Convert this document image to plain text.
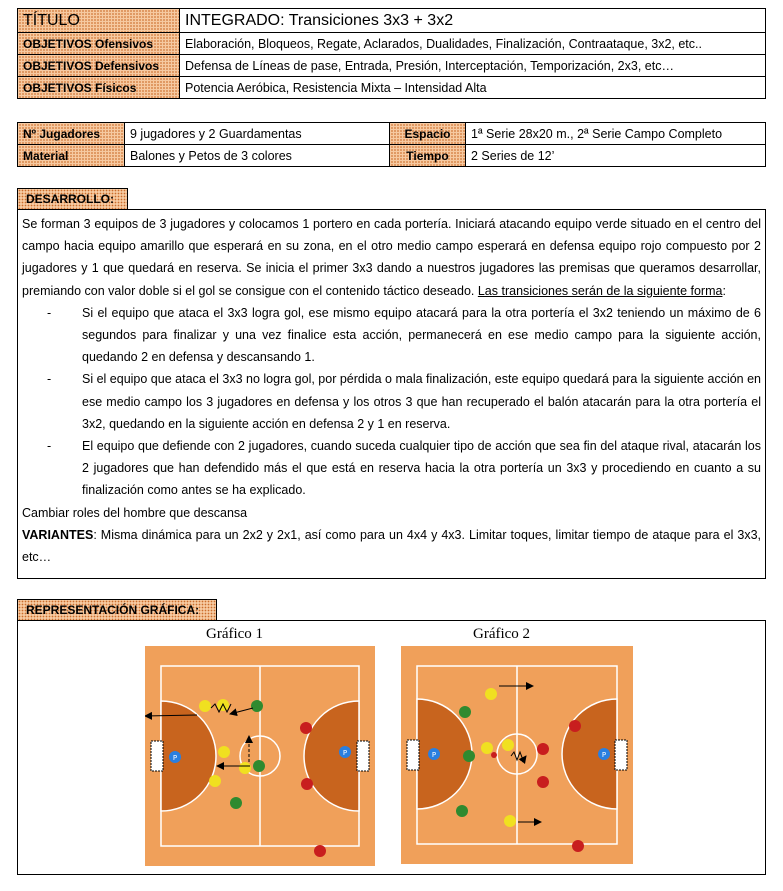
TÍTULO	INTEGRADO: Transiciones 3x3 + 3x2
OBJETIVOS Ofensivos	Elaboración, Bloqueos, Regate, Aclarados, Dualidades, Finalización, Contraataque, 3x2, etc..
OBJETIVOS Defensivos	Defensa de Líneas de pase, Entrada, Presión, Interceptación, Temporización, 2x3, etc…
OBJETIVOS Físicos	Potencia Aeróbica, Resistencia Mixta – Intensidad Alta
Nº Jugadores	9 jugadores y 2 Guardamentas	Espacio	1ª Serie 28x20 m., 2ª Serie Campo Completo
Material	Balones y Petos de 3 colores	Tiempo	2 Series de 12’
DESARROLLO:

Se forman 3 equipos de 3 jugadores y colocamos 1 portero en cada portería. Iniciará atacando equipo verde situado en el centro del campo hacia equipo amarillo que esperará en su zona, en el otro medio campo esperará en defensa equipo rojo compuesto por 2 jugadores y 1 que quedará en reserva. Se inicia el primer 3x3 dando a nuestros jugadores las premisas que queramos desarrollar, premiando con valor doble si el gol se consigue con el contenido táctico deseado. Las transiciones serán de la siguiente forma:

- Si el equipo que ataca el 3x3 logra gol, ese mismo equipo atacará para la otra portería el 3x2 teniendo un máximo de 6 segundos para finalizar y una vez finalice esta acción, permanecerá en ese medio campo para la siguiente acción, quedando 2 en defensa y descansando 1.
- Si el equipo que ataca el 3x3 no logra gol, por pérdida o mala finalización, este equipo quedará para la siguiente acción en ese medio campo los 3 jugadores en defensa y los otros 3 que han recuperado el balón atacarán para la otra portería el 3x2, quedando en la siguiente acción en defensa 2 y 1 en reserva.
- El equipo que defiende con 2 jugadores, cuando suceda cualquier tipo de acción que sea fin del ataque rival, atacarán los 2 jugadores que han defendido más el que está en reserva hacia la otra portería un 3x3 y procediendo en cuanto a su finalización como antes se ha explicado.

Cambiar roles del hombre que descansa

VARIANTES: Misma dinámica para un 2x2 y 2x1, así como para un 4x4 y 4x3. Limitar toques, limitar tiempo de ataque para el 3x3, etc…

REPRESENTACIÓN GRÁFICA:
Gráfico 1	Gráfico 2
P
P	P	P
